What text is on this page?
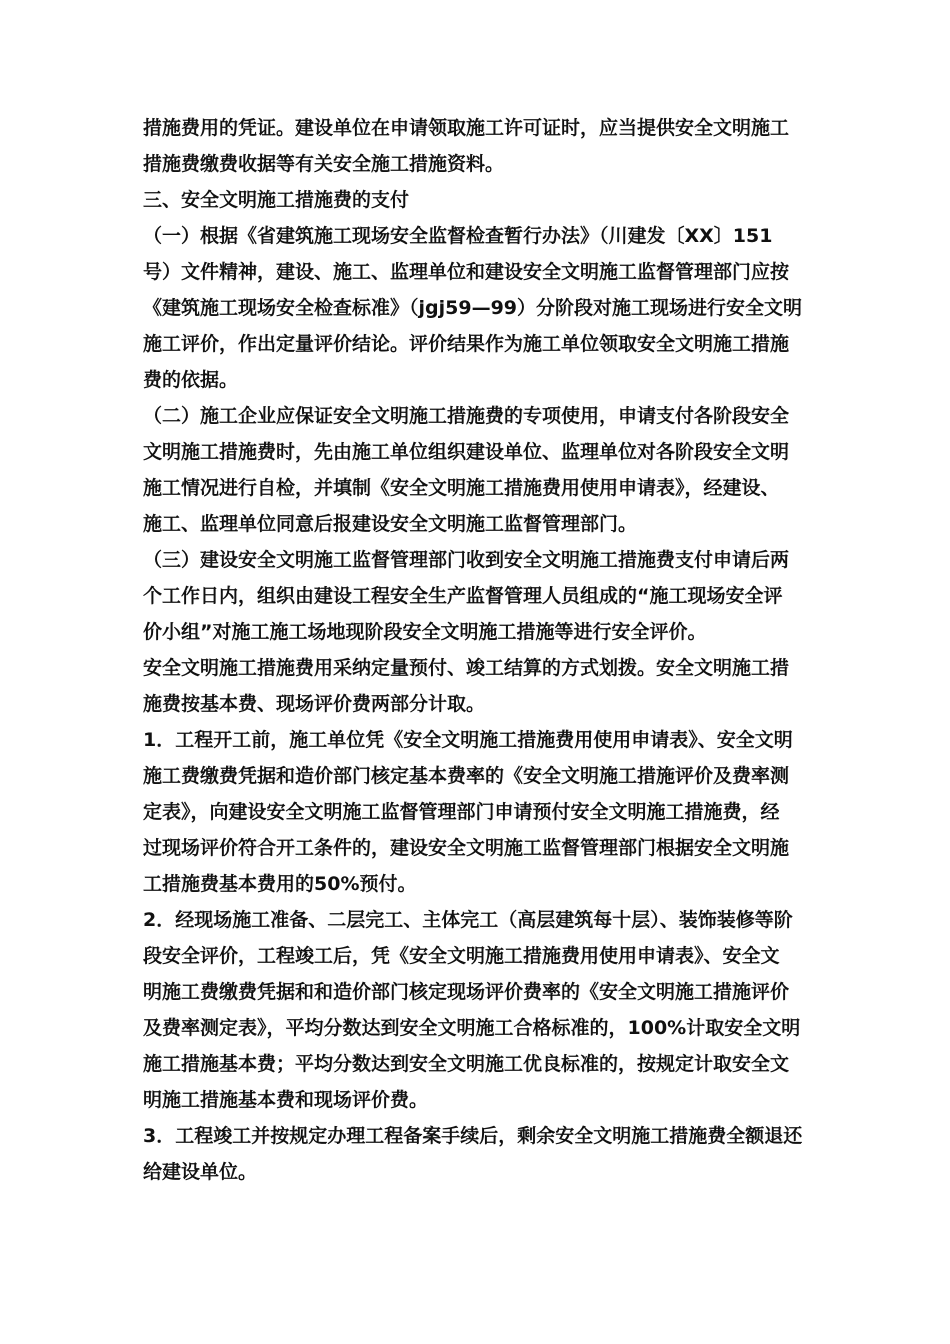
措施费用的凭证。建设单位在申请领取施工许可证时，应当提供安全文明施工
措施费缴费收据等有关安全施工措施资料。
三、安全文明施工措施费的支付
（一）根据《省建筑施工现场安全监督检查暂行办法》（川建发〔XX〕151
号）文件精神，建设、施工、监理单位和建设安全文明施工监督管理部门应按
《建筑施工现场安全检查标准》（jgj59—99）分阶段对施工现场进行安全文明
施工评价，作出定量评价结论。评价结果作为施工单位领取安全文明施工措施
费的依据。
（二）施工企业应保证安全文明施工措施费的专项使用，申请支付各阶段安全
文明施工措施费时，先由施工单位组织建设单位、监理单位对各阶段安全文明
施工情况进行自检，并填制《安全文明施工措施费用使用申请表》，经建设、
施工、监理单位同意后报建设安全文明施工监督管理部门。
（三）建设安全文明施工监督管理部门收到安全文明施工措施费支付申请后两
个工作日内，组织由建设工程安全生产监督管理人员组成的“施工现场安全评
价小组”对施工施工场地现阶段安全文明施工措施等进行安全评价。
安全文明施工措施费用采纳定量预付、竣工结算的方式划拨。安全文明施工措
施费按基本费、现场评价费两部分计取。
1．工程开工前，施工单位凭《安全文明施工措施费用使用申请表》、安全文明
施工费缴费凭据和造价部门核定基本费率的《安全文明施工措施评价及费率测
定表》，向建设安全文明施工监督管理部门申请预付安全文明施工措施费，经
过现场评价符合开工条件的，建设安全文明施工监督管理部门根据安全文明施
工措施费基本费用的50%预付。
2．经现场施工准备、二层完工、主体完工（高层建筑每十层）、装饰装修等阶
段安全评价，工程竣工后，凭《安全文明施工措施费用使用申请表》、安全文
明施工费缴费凭据和和造价部门核定现场评价费率的《安全文明施工措施评价
及费率测定表》，平均分数达到安全文明施工合格标准的，100%计取安全文明
施工措施基本费；平均分数达到安全文明施工优良标准的，按规定计取安全文
明施工措施基本费和现场评价费。
3．工程竣工并按规定办理工程备案手续后，剩余安全文明施工措施费全额退还
给建设单位。
